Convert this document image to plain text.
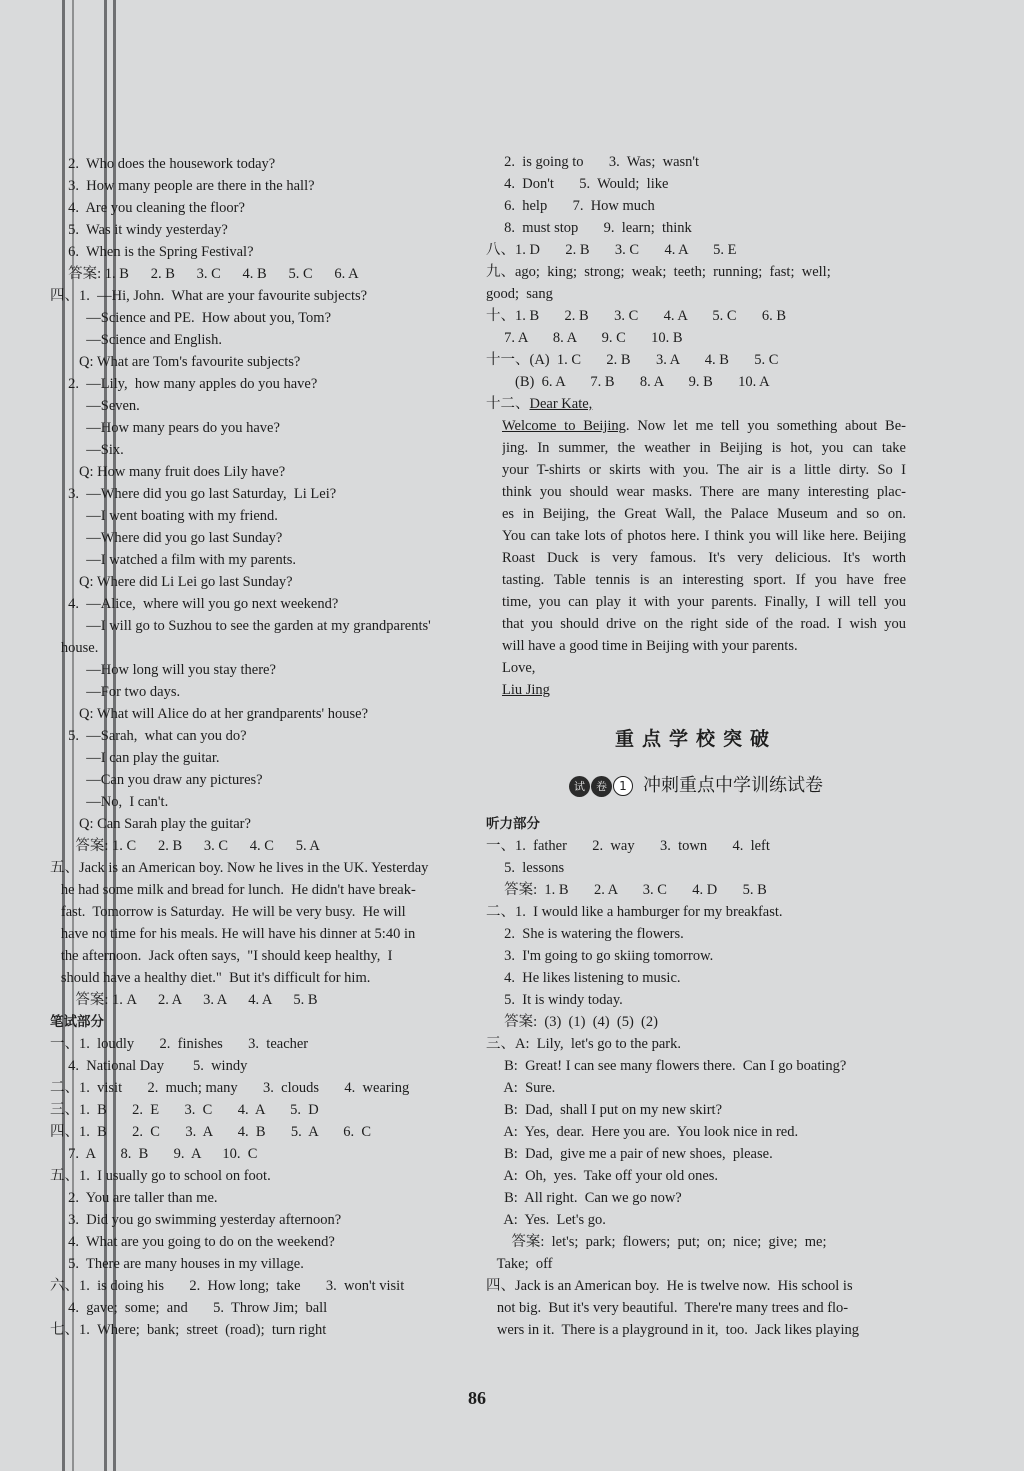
2.  Who does the housework today?
3.  How many people are there in the hall?
4.  Are you cleaning the floor?
5.  Was it windy yesterday?
6.  When is the Spring Festival?
答案: 1. B      2. B      3. C      4. B      5. C      6. A
四、1.  —Hi, John.  What are your favourite subjects?
—Science and PE.  How about you, Tom?
—Science and English.
Q: What are Tom's favourite subjects?
2.  —Lily,  how many apples do you have?
—Seven.
—How many pears do you have?
—Six.
Q: How many fruit does Lily have?
3.  —Where did you go last Saturday,  Li Lei?
—I went boating with my friend.
—Where did you go last Sunday?
—I watched a film with my parents.
Q: Where did Li Lei go last Sunday?
4.  —Alice,  where will you go next weekend?
—I will go to Suzhou to see the garden at my grandparents'
house.
—How long will you stay there?
—For two days.
Q: What will Alice do at her grandparents' house?
5.  —Sarah,  what can you do?
—I can play the guitar.
—Can you draw any pictures?
—No,  I can't.
Q: Can Sarah play the guitar?
答案: 1. C      2. B      3. C      4. C      5. A
五、Jack is an American boy. Now he lives in the UK. Yesterday
he had some milk and bread for lunch.  He didn't have break-
fast.  Tomorrow is Saturday.  He will be very busy.  He will
have no time for his meals. He will have his dinner at 5:40 in
the afternoon.  Jack often says,  "I should keep healthy,  I
should have a healthy diet."  But it's difficult for him.
答案: 1. A      2. A      3. A      4. A      5. B
笔试部分
一、1.  loudly       2.  finishes       3.  teacher
4.  National Day        5.  windy
二、1.  visit       2.  much; many       3.  clouds       4.  wearing
三、1.  B       2.  E       3.  C       4.  A       5.  D
四、1.  B       2.  C       3.  A       4.  B       5.  A       6.  C
7.  A       8.  B       9.  A      10.  C
五、1.  I usually go to school on foot.
2.  You are taller than me.
3.  Did you go swimming yesterday afternoon?
4.  What are you going to do on the weekend?
5.  There are many houses in my village.
六、1.  is doing his       2.  How long;  take       3.  won't visit
4.  gave;  some;  and       5.  Throw Jim;  ball
七、1.  Where;  bank;  street  (road);  turn right
2.  is going to       3.  Was;  wasn't
4.  Don't       5.  Would;  like
6.  help       7.  How much
8.  must stop       9.  learn;  think
八、1. D       2. B       3. C       4. A       5. E
九、ago;  king;  strong;  weak;  teeth;  running;  fast;  well;
good;  sang
十、1. B       2. B       3. C       4. A       5. C       6. B
7. A       8. A       9. C       10. B
十一、(A)  1. C       2. B       3. A       4. B       5. C
(B)  6. A       7. B       8. A       9. B       10. A
十二、Dear Kate,
Welcome to Beijing. Now let me tell you something about Be-
jing. In summer, the weather in Beijing is hot, you can take
your T-shirts or skirts with you. The air is a little dirty. So I
think you should wear masks. There are many interesting plac-
es in Beijing, the Great Wall, the Palace Museum and so on.
You can take lots of photos here. I think you will like here. Beijing
Roast Duck is very famous. It's very delicious. It's worth
tasting. Table tennis is an interesting sport. If you have free
time, you can play it with your parents. Finally, I will tell you
that you should drive on the right side of the road. I wish you
will have a good time in Beijing with your parents.
Love,
Liu Jing
重点学校突破
试 卷 1 冲刺重点中学训练试卷
听力部分
一、1.  father       2.  way       3.  town       4.  left
5.  lessons
答案:  1. B       2. A       3. C       4. D       5. B
二、1.  I would like a hamburger for my breakfast.
2.  She is watering the flowers.
3.  I'm going to go skiing tomorrow.
4.  He likes listening to music.
5.  It is windy today.
答案:  (3)  (1)  (4)  (5)  (2)
三、A:  Lily,  let's go to the park.
B:  Great! I can see many flowers there.  Can I go boating?
A:  Sure.
B:  Dad,  shall I put on my new skirt?
A:  Yes,  dear.  Here you are.  You look nice in red.
B:  Dad,  give me a pair of new shoes,  please.
A:  Oh,  yes.  Take off your old ones.
B:  All right.  Can we go now?
A:  Yes.  Let's go.
答案:  let's;  park;  flowers;  put;  on;  nice;  give;  me;
Take;  off
四、Jack is an American boy.  He is twelve now.  His school is
not big.  But it's very beautiful.  There're many trees and flo-
wers in it.  There is a playground in it,  too.  Jack likes playing
86
